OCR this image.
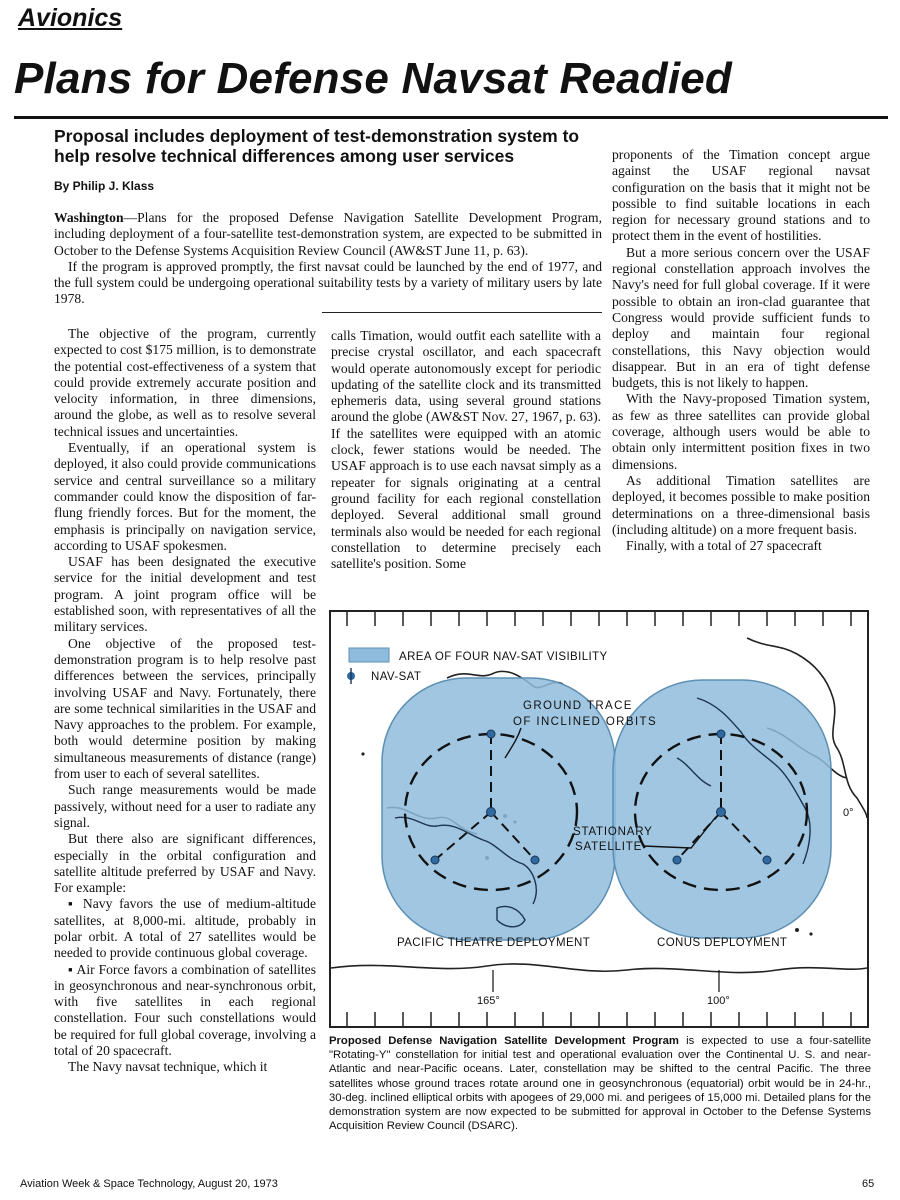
Avionics
Plans for Defense Navsat Readied
Proposal includes deployment of test-demonstration system to help resolve technical differences among user services
By Philip J. Klass

Washington—Plans for the proposed Defense Navigation Satellite Development Program, including deployment of a four-satellite test-demonstration system, are expected to be submitted in October to the Defense Systems Acquisition Review Council (AW&ST June 11, p. 63).

If the program is approved promptly, the first navsat could be launched by the end of 1977, and the full system could be undergoing operational suitability tests by a variety of military users by late 1978.

The objective of the program, currently expected to cost $175 million, is to demonstrate the potential cost-effectiveness of a system that could provide extremely accurate position and velocity information, in three dimensions, around the globe, as well as to resolve several technical issues and uncertainties.

Eventually, if an operational system is deployed, it also could provide communications service and central surveillance so a military commander could know the disposition of far-flung friendly forces. But for the moment, the emphasis is principally on navigation service, according to USAF spokesmen.

USAF has been designated the executive service for the initial development and test program. A joint program office will be established soon, with representatives of all the military services.

One objective of the proposed test-demonstration program is to help resolve past differences between the services, principally involving USAF and Navy. Fortunately, there are some technical similarities in the USAF and Navy approaches to the problem. For example, both would determine position by making simultaneous measurements of distance (range) from user to each of several satellites.

Such range measurements would be made passively, without need for a user to radiate any signal.

But there also are significant differences, especially in the orbital configuration and satellite altitude preferred by USAF and Navy. For example:

▪ Navy favors the use of medium-altitude satellites, at 8,000-mi. altitude, probably in polar orbit. A total of 27 satellites would be needed to provide continuous global coverage.

▪ Air Force favors a combination of satellites in geosynchronous and near-synchronous orbit, with five satellites in each regional constellation. Four such constellations would be required for full global coverage, involving a total of 20 spacecraft.

The Navy navsat technique, which it

calls Timation, would outfit each satellite with a precise crystal oscillator, and each spacecraft would operate autonomously except for periodic updating of the satellite clock and its transmitted ephemeris data, using several ground stations around the globe (AW&ST Nov. 27, 1967, p. 63). If the satellites were equipped with an atomic clock, fewer stations would be needed. The USAF approach is to use each navsat simply as a repeater for signals originating at a central ground facility for each regional constellation deployed. Several additional small ground terminals also would be needed for each regional constellation to determine precisely each satellite's position. Some

proponents of the Timation concept argue against the USAF regional navsat configuration on the basis that it might not be possible to find suitable locations in each region for necessary ground stations and to protect them in the event of hostilities.

But a more serious concern over the USAF regional constellation approach involves the Navy's need for full global coverage. If it were possible to obtain an iron-clad guarantee that Congress would provide sufficient funds to deploy and maintain four regional constellations, this Navy objection would disappear. But in an era of tight defense budgets, this is not likely to happen.

With the Navy-proposed Timation system, as few as three satellites can provide global coverage, although users would be able to obtain only intermittent position fixes in two dimensions.

As additional Timation satellites are deployed, it becomes possible to make position determinations on a three-dimensional basis (including altitude) on a more frequent basis.

Finally, with a total of 27 spacecraft

AREA OF FOUR NAV-SAT VISIBILITY
NAV-SAT
GROUND TRACE
OF INCLINED ORBITS
STATIONARY
SATELLITE
PACIFIC THEATRE DEPLOYMENT	CONUS DEPLOYMENT
0°
165°	100°
Proposed Defense Navigation Satellite Development Program is expected to use a four-satellite "Rotating-Y" constellation for initial test and operational evaluation over the Continental U. S. and near-Atlantic and near-Pacific oceans. Later, constellation may be shifted to the central Pacific. The three satellites whose ground traces rotate around one in geosynchronous (equatorial) orbit would be in 24-hr., 30-deg. inclined elliptical orbits with apogees of 29,000 mi. and perigees of 15,000 mi. Detailed plans for the demonstration system are now expected to be submitted for approval in October to the Defense Systems Acquisition Review Council (DSARC).
Aviation Week & Space Technology, August 20, 1973	65
